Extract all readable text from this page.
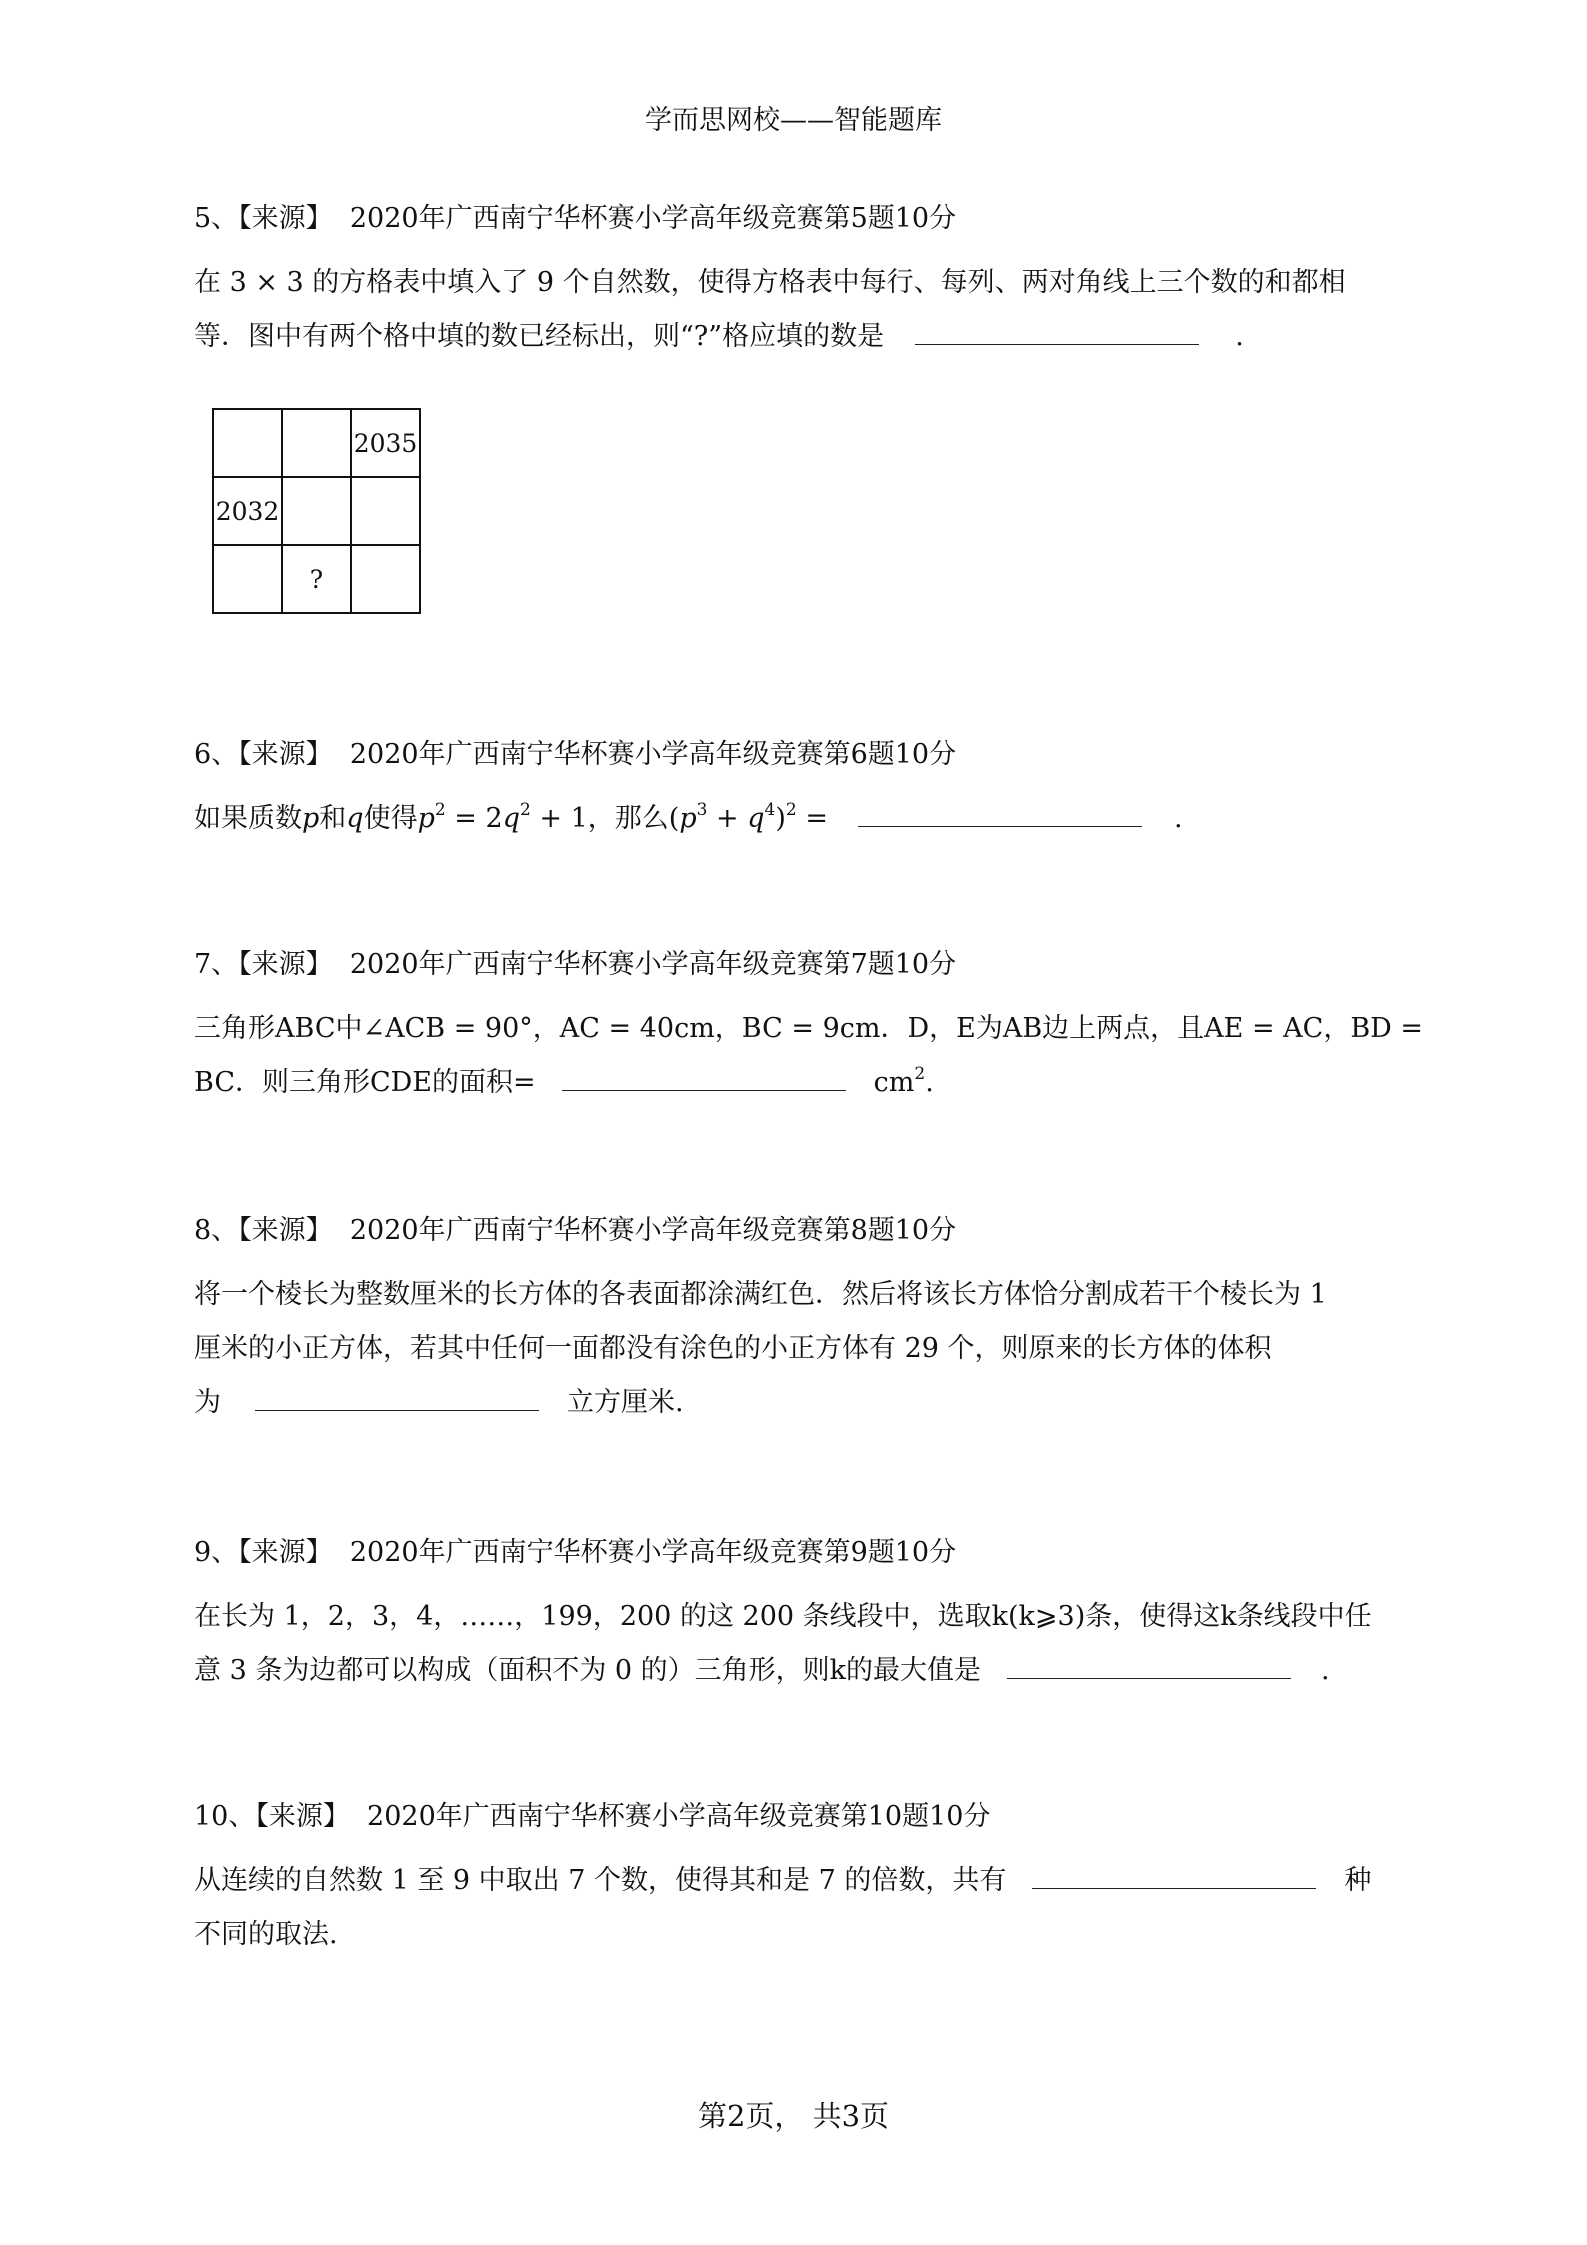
学而思网校——智能题库
5、【来源】 2020年广西南宁华杯赛小学高年级竞赛第5题10分
在 3 × 3 的方格表中填入了 9 个自然数，使得方格表中每行、每列、两对角线上三个数的和都相
等．图中有两个格中填的数已经标出，则“?”格应填的数是	.
		2035
2032		
	?	
6、【来源】 2020年广西南宁华杯赛小学高年级竞赛第6题10分
如果质数p和q使得$p^2 = 2q^2 + 1$，那么$(p^3 + q^4)^2$ =	.
7、【来源】 2020年广西南宁华杯赛小学高年级竞赛第7题10分
三角形ABC中∠ACB = 90°，AC = 40cm，BC = 9cm．D，E为AB边上两点，且AE = AC，BD =
BC．则三角形CDE的面积=	$cm^2$.
8、【来源】 2020年广西南宁华杯赛小学高年级竞赛第8题10分
将一个棱长为整数厘米的长方体的各表面都涂满红色．然后将该长方体恰分割成若干个棱长为 1
厘米的小正方体，若其中任何一面都没有涂色的小正方体有 29 个，则原来的长方体的体积
为	立方厘米.
9、【来源】 2020年广西南宁华杯赛小学高年级竞赛第9题10分
在长为 1，2，3，4，……，199，200 的这 200 条线段中，选取k(k⩾3)条，使得这k条线段中任
意 3 条为边都可以构成（面积不为 0 的）三角形，则k的最大值是	.
10、【来源】 2020年广西南宁华杯赛小学高年级竞赛第10题10分
从连续的自然数 1 至 9 中取出 7 个数，使得其和是 7 的倍数，共有	种
不同的取法.
第2页， 共3页
